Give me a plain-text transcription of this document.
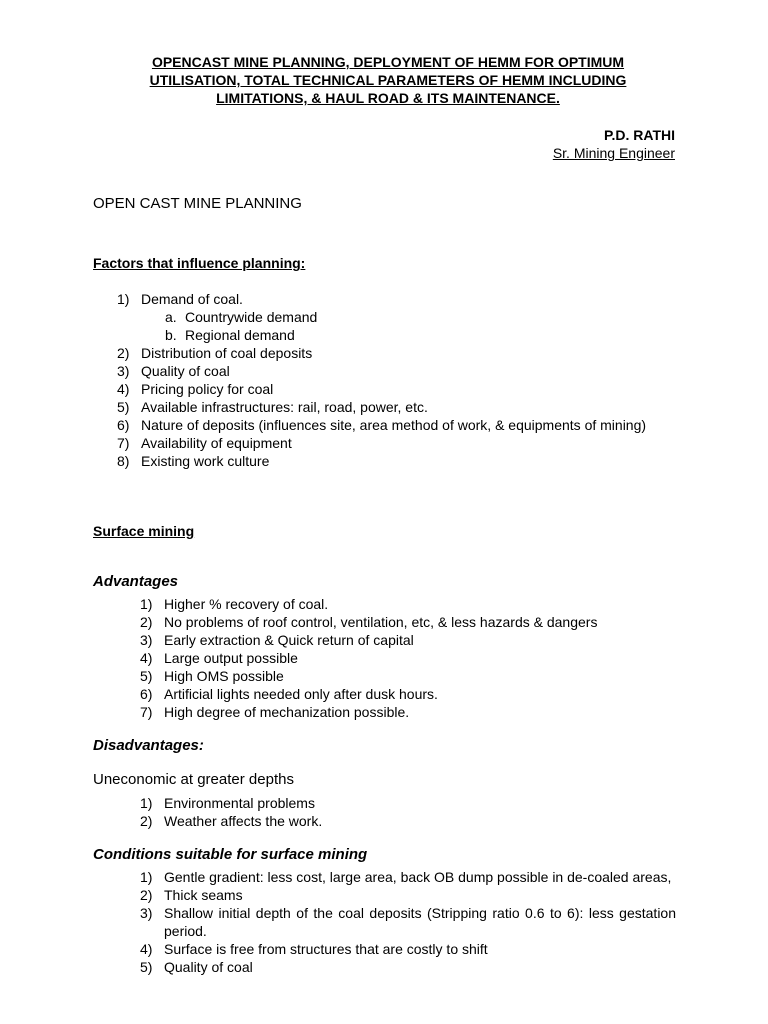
OPENCAST MINE PLANNING, DEPLOYMENT OF HEMM FOR OPTIMUM
UTILISATION, TOTAL TECHNICAL PARAMETERS OF HEMM INCLUDING
LIMITATIONS, & HAUL ROAD & ITS MAINTENANCE.
P.D. RATHI
Sr. Mining Engineer
OPEN CAST MINE PLANNING
Factors that influence planning:
1) Demand of coal.
a. Countrywide demand
b. Regional demand
2) Distribution of coal deposits
3) Quality of coal
4) Pricing policy for coal
5) Available infrastructures: rail, road, power, etc.
6) Nature of deposits (influences site, area method of work, & equipments of mining)
7) Availability of equipment
8) Existing work culture
Surface mining
Advantages
1) Higher % recovery of coal.
2) No problems of roof control, ventilation, etc, & less hazards & dangers
3) Early extraction & Quick return of capital
4) Large output possible
5) High OMS possible
6) Artificial lights needed only after dusk hours.
7) High degree of mechanization possible.
Disadvantages:
Uneconomic at greater depths
1) Environmental problems
2) Weather affects the work.
Conditions suitable for surface mining
1) Gentle gradient: less cost, large area, back OB dump possible in de-coaled areas,
2) Thick seams
3) Shallow initial depth of the coal deposits (Stripping ratio 0.6 to 6): less gestation period.
4) Surface is free from structures that are costly to shift
5) Quality of coal
